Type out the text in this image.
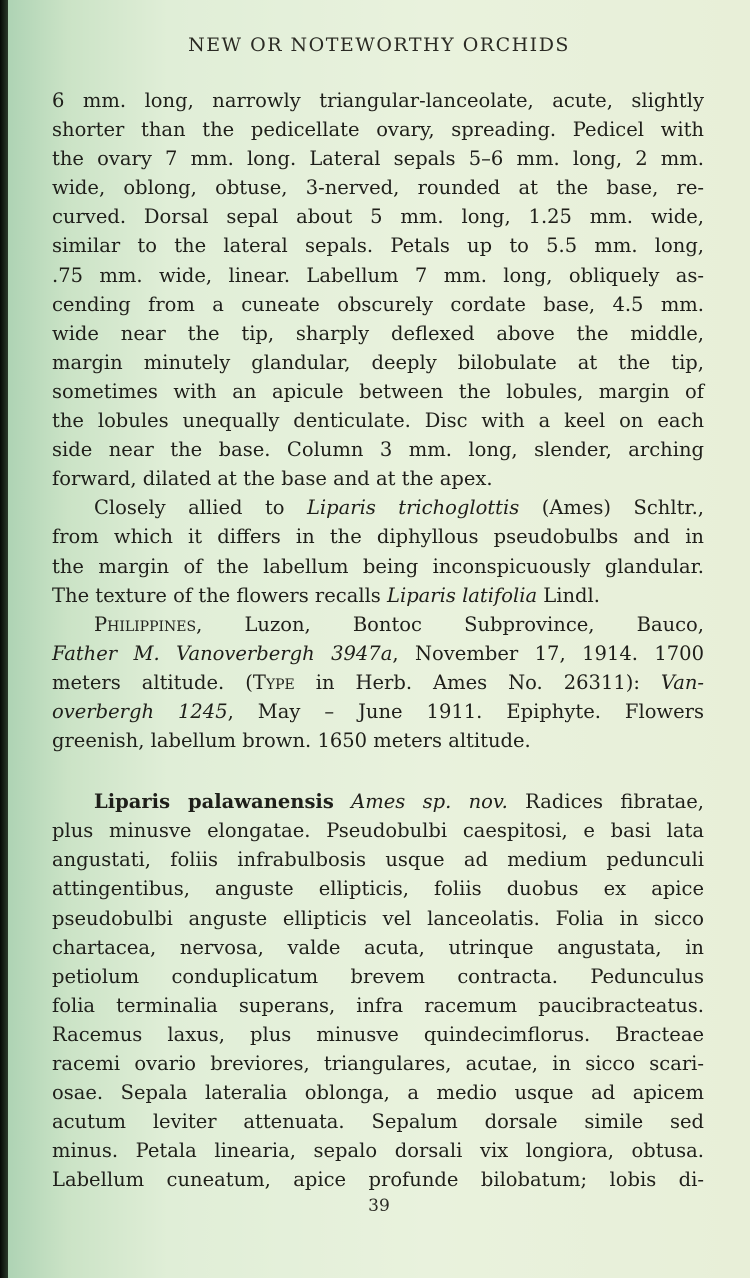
NEW OR NOTEWORTHY ORCHIDS
6 mm. long, narrowly triangular-lanceolate, acute, slightly
shorter than the pedicellate ovary, spreading. Pedicel with
the ovary 7 mm. long. Lateral sepals 5–6 mm. long, 2 mm.
wide, oblong, obtuse, 3-nerved, rounded at the base, re-
curved. Dorsal sepal about 5 mm. long, 1.25 mm. wide,
similar to the lateral sepals. Petals up to 5.5 mm. long,
.75 mm. wide, linear. Labellum 7 mm. long, obliquely as-
cending from a cuneate obscurely cordate base, 4.5 mm.
wide near the tip, sharply deflexed above the middle,
margin minutely glandular, deeply bilobulate at the tip,
sometimes with an apicule between the lobules, margin of
the lobules unequally denticulate. Disc with a keel on each
side near the base. Column 3 mm. long, slender, arching
forward, dilated at the base and at the apex.
Closely allied to Liparis trichoglottis (Ames) Schltr.,
from which it differs in the diphyllous pseudobulbs and in
the margin of the labellum being inconspicuously glandular.
The texture of the flowers recalls Liparis latifolia Lindl.
Philippines, Luzon, Bontoc Subprovince, Bauco,
Father M. Vanoverbergh 3947a, November 17, 1914. 1700
meters altitude. (Type in Herb. Ames No. 26311): Van-
overbergh 1245, May – June 1911. Epiphyte. Flowers
greenish, labellum brown. 1650 meters altitude.
Liparis palawanensis Ames sp. nov. Radices fibratae,
plus minusve elongatae. Pseudobulbi caespitosi, e basi lata
angustati, foliis infrabulbosis usque ad medium pedunculi
attingentibus, anguste ellipticis, foliis duobus ex apice
pseudobulbi anguste ellipticis vel lanceolatis. Folia in sicco
chartacea, nervosa, valde acuta, utrinque angustata, in
petiolum conduplicatum brevem contracta. Pedunculus
folia terminalia superans, infra racemum paucibracteatus.
Racemus laxus, plus minusve quindecimflorus. Bracteae
racemi ovario breviores, triangulares, acutae, in sicco scari-
osae. Sepala lateralia oblonga, a medio usque ad apicem
acutum leviter attenuata. Sepalum dorsale simile sed
minus. Petala linearia, sepalo dorsali vix longiora, obtusa.
Labellum cuneatum, apice profunde bilobatum; lobis di-
39
